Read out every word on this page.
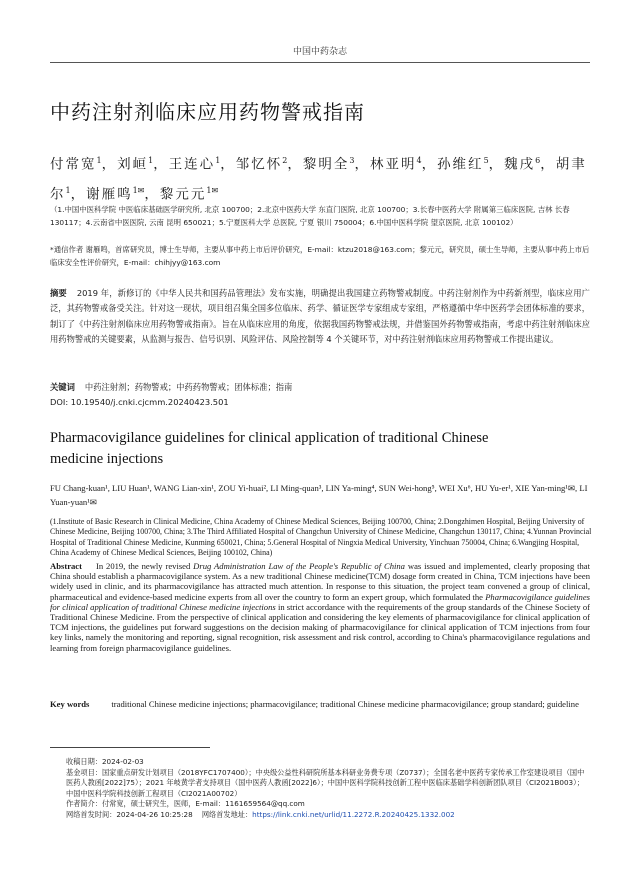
中国中药杂志
中药注射剂临床应用药物警戒指南
付常宽$^1$，刘峘$^1$，王连心$^1$，邹忆怀$^2$，黎明全$^3$，林亚明$^4$，孙维红$^5$，魏戌$^6$，胡聿尔$^1$，谢雁鸣$^{1✉}$，黎元元$^{1✉}$
（1.中国中医科学院 中医临床基础医学研究所, 北京 100700；2.北京中医药大学 东直门医院, 北京 100700；3.长春中医药大学 附属第三临床医院, 吉林 长春 130117；4.云南省中医医院, 云南 昆明 650021；5.宁夏医科大学 总医院, 宁夏 银川 750004；6.中国中医科学院 望京医院, 北京 100102）
*通信作者 谢雁鸣，首席研究员，博士生导师，主要从事中药上市后评价研究，E-mail：ktzu2018@163.com；黎元元，研究员，硕士生导师，主要从事中药上市后临床安全性评价研究，E-mail：chihjyy@163.com
摘要 2019 年，新修订的《中华人民共和国药品管理法》发布实施，明确提出我国建立药物警戒制度。中药注射剂作为中药新剂型，临床应用广泛，其药物警戒备受关注。针对这一现状，项目组召集全国多位临床、药学、循证医学专家组成专家组，严格遵循中华中医药学会团体标准的要求，制订了《中药注射剂临床应用药物警戒指南》。旨在从临床应用的角度，依据我国药物警戒法规，并借鉴国外药物警戒指南，考虑中药注射剂临床应用药物警戒的关键要素，从监测与报告、信号识别、风险评估、风险控制等 4 个关键环节，对中药注射剂临床应用药物警戒工作提出建议。
关键词 中药注射剂；药物警戒；中药药物警戒；团体标准；指南
DOI: 10.19540/j.cnki.cjcmm.20240423.501
Pharmacovigilance guidelines for clinical application of traditional Chinese medicine injections
FU Chang-kuan¹, LIU Huan¹, WANG Lian-xin¹, ZOU Yi-huai², LI Ming-quan³, LIN Ya-ming⁴, SUN Wei-hong⁵, WEI Xu⁶, HU Yu-er¹, XIE Yan-ming¹✉, LI Yuan-yuan¹✉
(1.Institute of Basic Research in Clinical Medicine, China Academy of Chinese Medical Sciences, Beijing 100700, China; 2.Dongzhimen Hospital, Beijing University of Chinese Medicine, Beijing 100700, China; 3.The Third Affiliated Hospital of Changchun University of Chinese Medicine, Changchun 130117, China; 4.Yunnan Provincial Hospital of Traditional Chinese Medicine, Kunming 650021, China; 5.General Hospital of Ningxia Medical University, Yinchuan 750004, China; 6.Wangjing Hospital, China Academy of Chinese Medical Sciences, Beijing 100102, China)
Abstract In 2019, the newly revised Drug Administration Law of the People's Republic of China was issued and implemented, clearly proposing that China should establish a pharmacovigilance system. As a new traditional Chinese medicine(TCM) dosage form created in China, TCM injections have been widely used in clinic, and its pharmacovigilance has attracted much attention. In response to this situation, the project team convened a group of clinical, pharmaceutical and evidence-based medicine experts from all over the country to form an expert group, which formulated the Pharmacovigilance guidelines for clinical application of traditional Chinese medicine injections in strict accordance with the requirements of the group standards of the Chinese Society of Traditional Chinese Medicine. From the perspective of clinical application and considering the key elements of pharmacovigilance for clinical application of TCM injections, the guidelines put forward suggestions on the decision making of pharmacovigilance for clinical application of TCM injections from four key links, namely the monitoring and reporting, signal recognition, risk assessment and risk control, according to China's pharmacovigilance regulations and learning from foreign pharmacovigilance guidelines.
Key words	traditional Chinese medicine injections; pharmacovigilance; traditional Chinese medicine pharmacovigilance; group standard; guideline

收稿日期：2024-02-03

基金项目：国家重点研发计划项目（2018YFC1707400）；中央级公益性科研院所基本科研业务费专项（Z0737）；全国名老中医药专家传承工作室建设项目（国中医药人教函[2022]75）；2021 年岐黄学者支持项目（国中医药人教函[2022]6）；中国中医科学院科技创新工程中医临床基础学科创新团队项目（CI2021B003）；中国中医科学院科技创新工程项目（CI2021A00702）

作者简介：付常宽，硕士研究生，医师，E-mail：1161659564@qq.com

网络首发时间：2024-04-26 10:25:28 网络首发地址：https://link.cnki.net/urlid/11.2272.R.20240425.1332.002
